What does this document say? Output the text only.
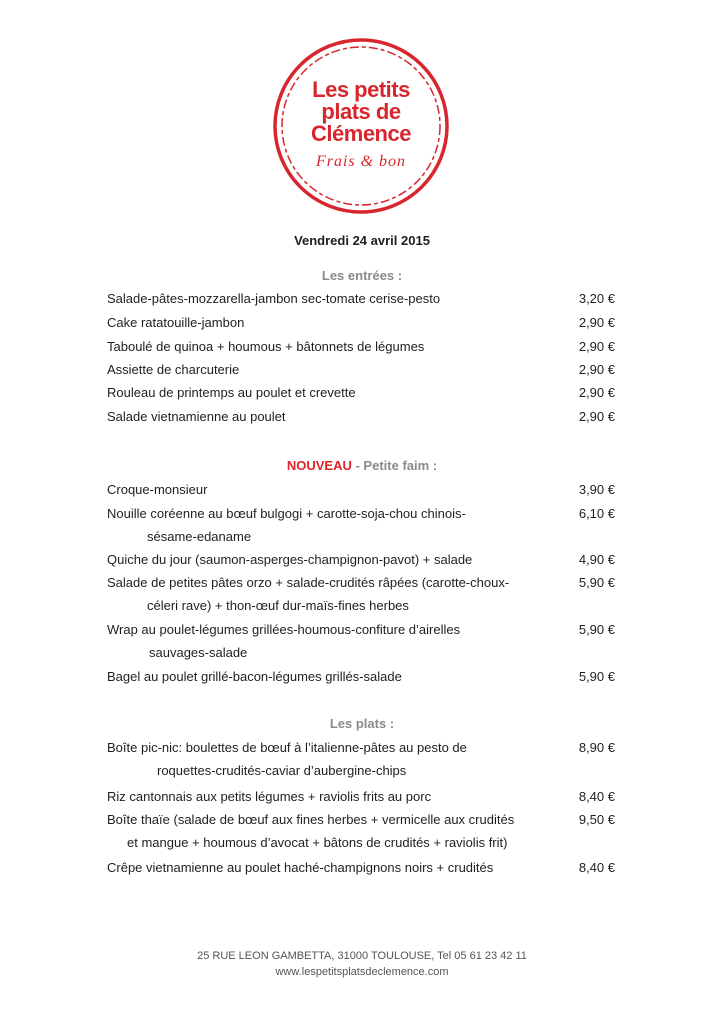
Les petits
plats de
Clémence
Frais & bon
Vendredi 24 avril 2015
Les entrées :
Salade-pâtes-mozzarella-jambon sec-tomate cerise-pesto	3,20 €
Cake ratatouille-jambon	2,90 €
Taboulé de quinoa + houmous + bâtonnets de légumes	2,90 €
Assiette de charcuterie	2,90 €
Rouleau de printemps au poulet et crevette	2,90 €
Salade vietnamienne au poulet	2,90 €
NOUVEAU - Petite faim :
Croque-monsieur	3,90 €
Nouille coréenne au bœuf bulgogi + carotte-soja-chou chinois-
sésame-edaname
6,10 €
Quiche du jour (saumon-asperges-champignon-pavot) + salade	4,90 €
Salade de petites pâtes orzo + salade-crudités râpées (carotte-choux-
céleri rave) + thon-œuf dur-maïs-fines herbes
5,90 €
Wrap au poulet-légumes grillées-houmous-confiture d’airelles
sauvages-salade
5,90 €
Bagel au poulet grillé-bacon-légumes grillés-salade	5,90 €
Les plats :
Boîte pic-nic: boulettes de bœuf à l’italienne-pâtes au pesto de
roquettes-crudités-caviar d’aubergine-chips
8,90 €
Riz cantonnais aux petits légumes + raviolis frits au porc	8,40 €
Boîte thaïe (salade de bœuf aux fines herbes + vermicelle aux crudités
et mangue + houmous d’avocat + bâtons de crudités + raviolis frit)
9,50 €
Crêpe vietnamienne au poulet haché-champignons noirs + crudités	8,40 €
25 RUE LEON GAMBETTA, 31000 TOULOUSE, Tel 05 61 23 42 11
www.lespetitsplatsdeclemence.com
